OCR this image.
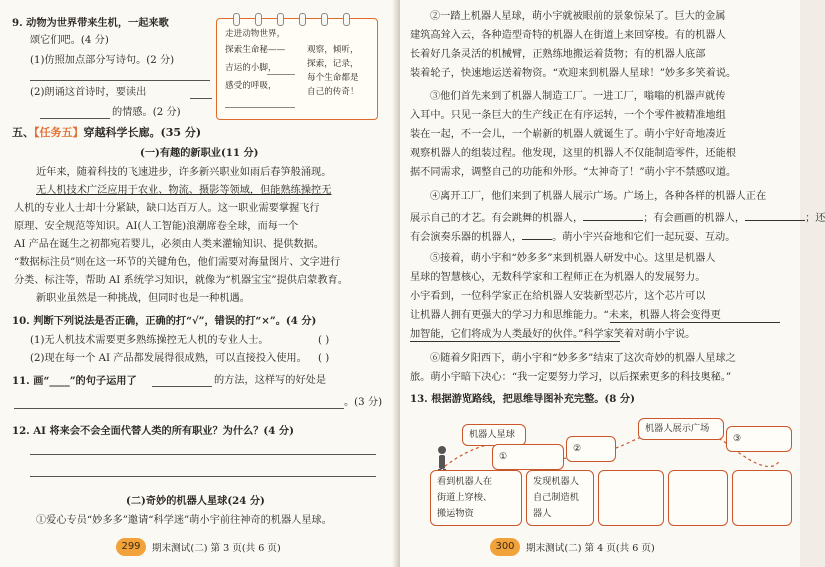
9. 动物为世界带来生机，一起来歌
颂它们吧。(4 分)
(1)仿照加点部分写诗句。(2 分)
(2)朗诵这首诗时，要读出
的情感。(2 分)
走进动物世界，
探索生命秘——
吉运的小脚，
感受的呼吸，
观察，倾听，
探索，记录，
每个生命都是
自己的传奇！
五、【任务五】穿越科学长廊。(35 分)
(一)有趣的新职业(11 分)
近年来，随着科技的飞速进步，许多新兴职业如雨后春笋般涌现。
无人机技术广泛应用于农业、物流、摄影等领域，但能熟练操控无
人机的专业人士却十分紧缺，缺口达百万人。这一职业需要掌握飞行
原理、安全规范等知识。AI(人工智能)浪潮席卷全球，而每一个
AI 产品在诞生之初都宛若婴儿，必须由人类来灌输知识、提供数据。
“数据标注员”则在这一环节的关键角色，他们需要对海量图片、文字进行
分类、标注等，帮助 AI 系统学习知识，就像为“机器宝宝”提供启蒙教育。
新职业虽然是一种挑战，但同时也是一种机遇。
10. 判断下列说法是否正确，正确的打“√”，错误的打“×”。(4 分)
(1)无人机技术需要更多熟练操控无人机的专业人士。	( )
(2)现在每一个 AI 产品都发展得很成熟，可以直接投入使用。 ( )
11. 画“____”的句子运用了	的方法，这样写的好处是
。(3 分)
12. AI 将来会不会全面代替人类的所有职业？为什么？(4 分)
(二)奇妙的机器人星球(24 分)
①爱心专员“妙多多”邀请“科学迷”萌小宇前往神奇的机器人星球。
299	期末测试(二) 第 3 页(共 6 页)
②一踏上机器人星球，萌小宇就被眼前的景象惊呆了。巨大的金属
建筑高耸入云，各种造型奇特的机器人在街道上来回穿梭。有的机器人
长着好几条灵活的机械臂，正熟练地搬运着货物；有的机器人底部
装着轮子，快速地运送着物资。“欢迎来到机器人星球！”妙多多笑着说。
③他们首先来到了机器人制造工厂。一进工厂，嗡嗡的机器声就传
入耳中。只见一条巨大的生产线正在有序运转，一个个零件被精准地组
装在一起，不一会儿，一个崭新的机器人就诞生了。萌小宇好奇地凑近
观察机器人的组装过程。他发现，这里的机器人不仅能制造零件，还能根
据不同需求，调整自己的功能和外形。“太神奇了！”萌小宇不禁感叹道。
④离开工厂，他们来到了机器人展示广场。广场上，各种各样的机器人正在
展示自己的才艺。有会跳舞的机器人，	；有会画画的机器人，	；还
有会演奏乐器的机器人，	。萌小宇兴奋地和它们一起玩耍、互动。
⑤接着，萌小宇和“妙多多”来到机器人研发中心。这里是机器人
星球的智慧核心，无数科学家和工程师正在为机器人的发展努力。
小宇看到，一位科学家正在给机器人安装新型芯片，这个芯片可以
让机器人拥有更强大的学习力和思维能力。“未来，机器人将会变得更
加智能，它们将成为人类最好的伙伴。”科学家笑着对萌小宇说。
⑥随着夕阳西下，萌小宇和“妙多多”结束了这次奇妙的机器人星球之
旅。萌小宇暗下决心：“我一定要努力学习，以后探索更多的科技奥秘。”
13. 根据游览路线，把思维导图补充完整。(8 分)
机器人星球
①
②
机器人展示广场
③
看到机器人在
街道上穿梭、
搬运物资
发现机器人
自己制造机
器人
300	期末测试(二) 第 4 页(共 6 页)
